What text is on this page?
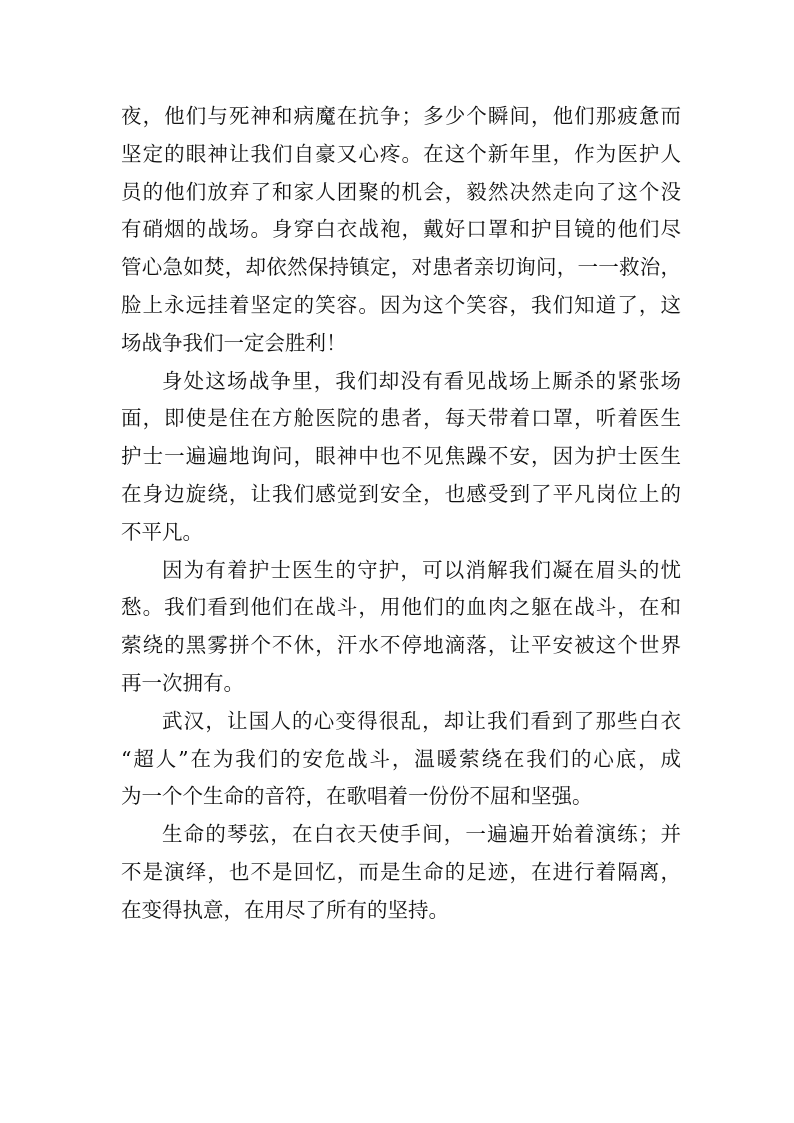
夜，他们与死神和病魔在抗争；多少个瞬间，他们那疲惫而
坚定的眼神让我们自豪又心疼。在这个新年里，作为医护人
员的他们放弃了和家人团聚的机会，毅然决然走向了这个没
有硝烟的战场。身穿白衣战袍，戴好口罩和护目镜的他们尽
管心急如焚，却依然保持镇定，对患者亲切询问，一一救治，
脸上永远挂着坚定的笑容。因为这个笑容，我们知道了，这
场战争我们一定会胜利！
身处这场战争里，我们却没有看见战场上厮杀的紧张场
面，即使是住在方舱医院的患者，每天带着口罩，听着医生
护士一遍遍地询问，眼神中也不见焦躁不安，因为护士医生
在身边旋绕，让我们感觉到安全，也感受到了平凡岗位上的
不平凡。
因为有着护士医生的守护，可以消解我们凝在眉头的忧
愁。我们看到他们在战斗，用他们的血肉之躯在战斗，在和
萦绕的黑雾拼个不休，汗水不停地滴落，让平安被这个世界
再一次拥有。
武汉，让国人的心变得很乱，却让我们看到了那些白衣
“超人”在为我们的安危战斗，温暖萦绕在我们的心底，成
为一个个生命的音符，在歌唱着一份份不屈和坚强。
生命的琴弦，在白衣天使手间，一遍遍开始着演练；并
不是演绎，也不是回忆，而是生命的足迹，在进行着隔离，
在变得执意，在用尽了所有的坚持。
